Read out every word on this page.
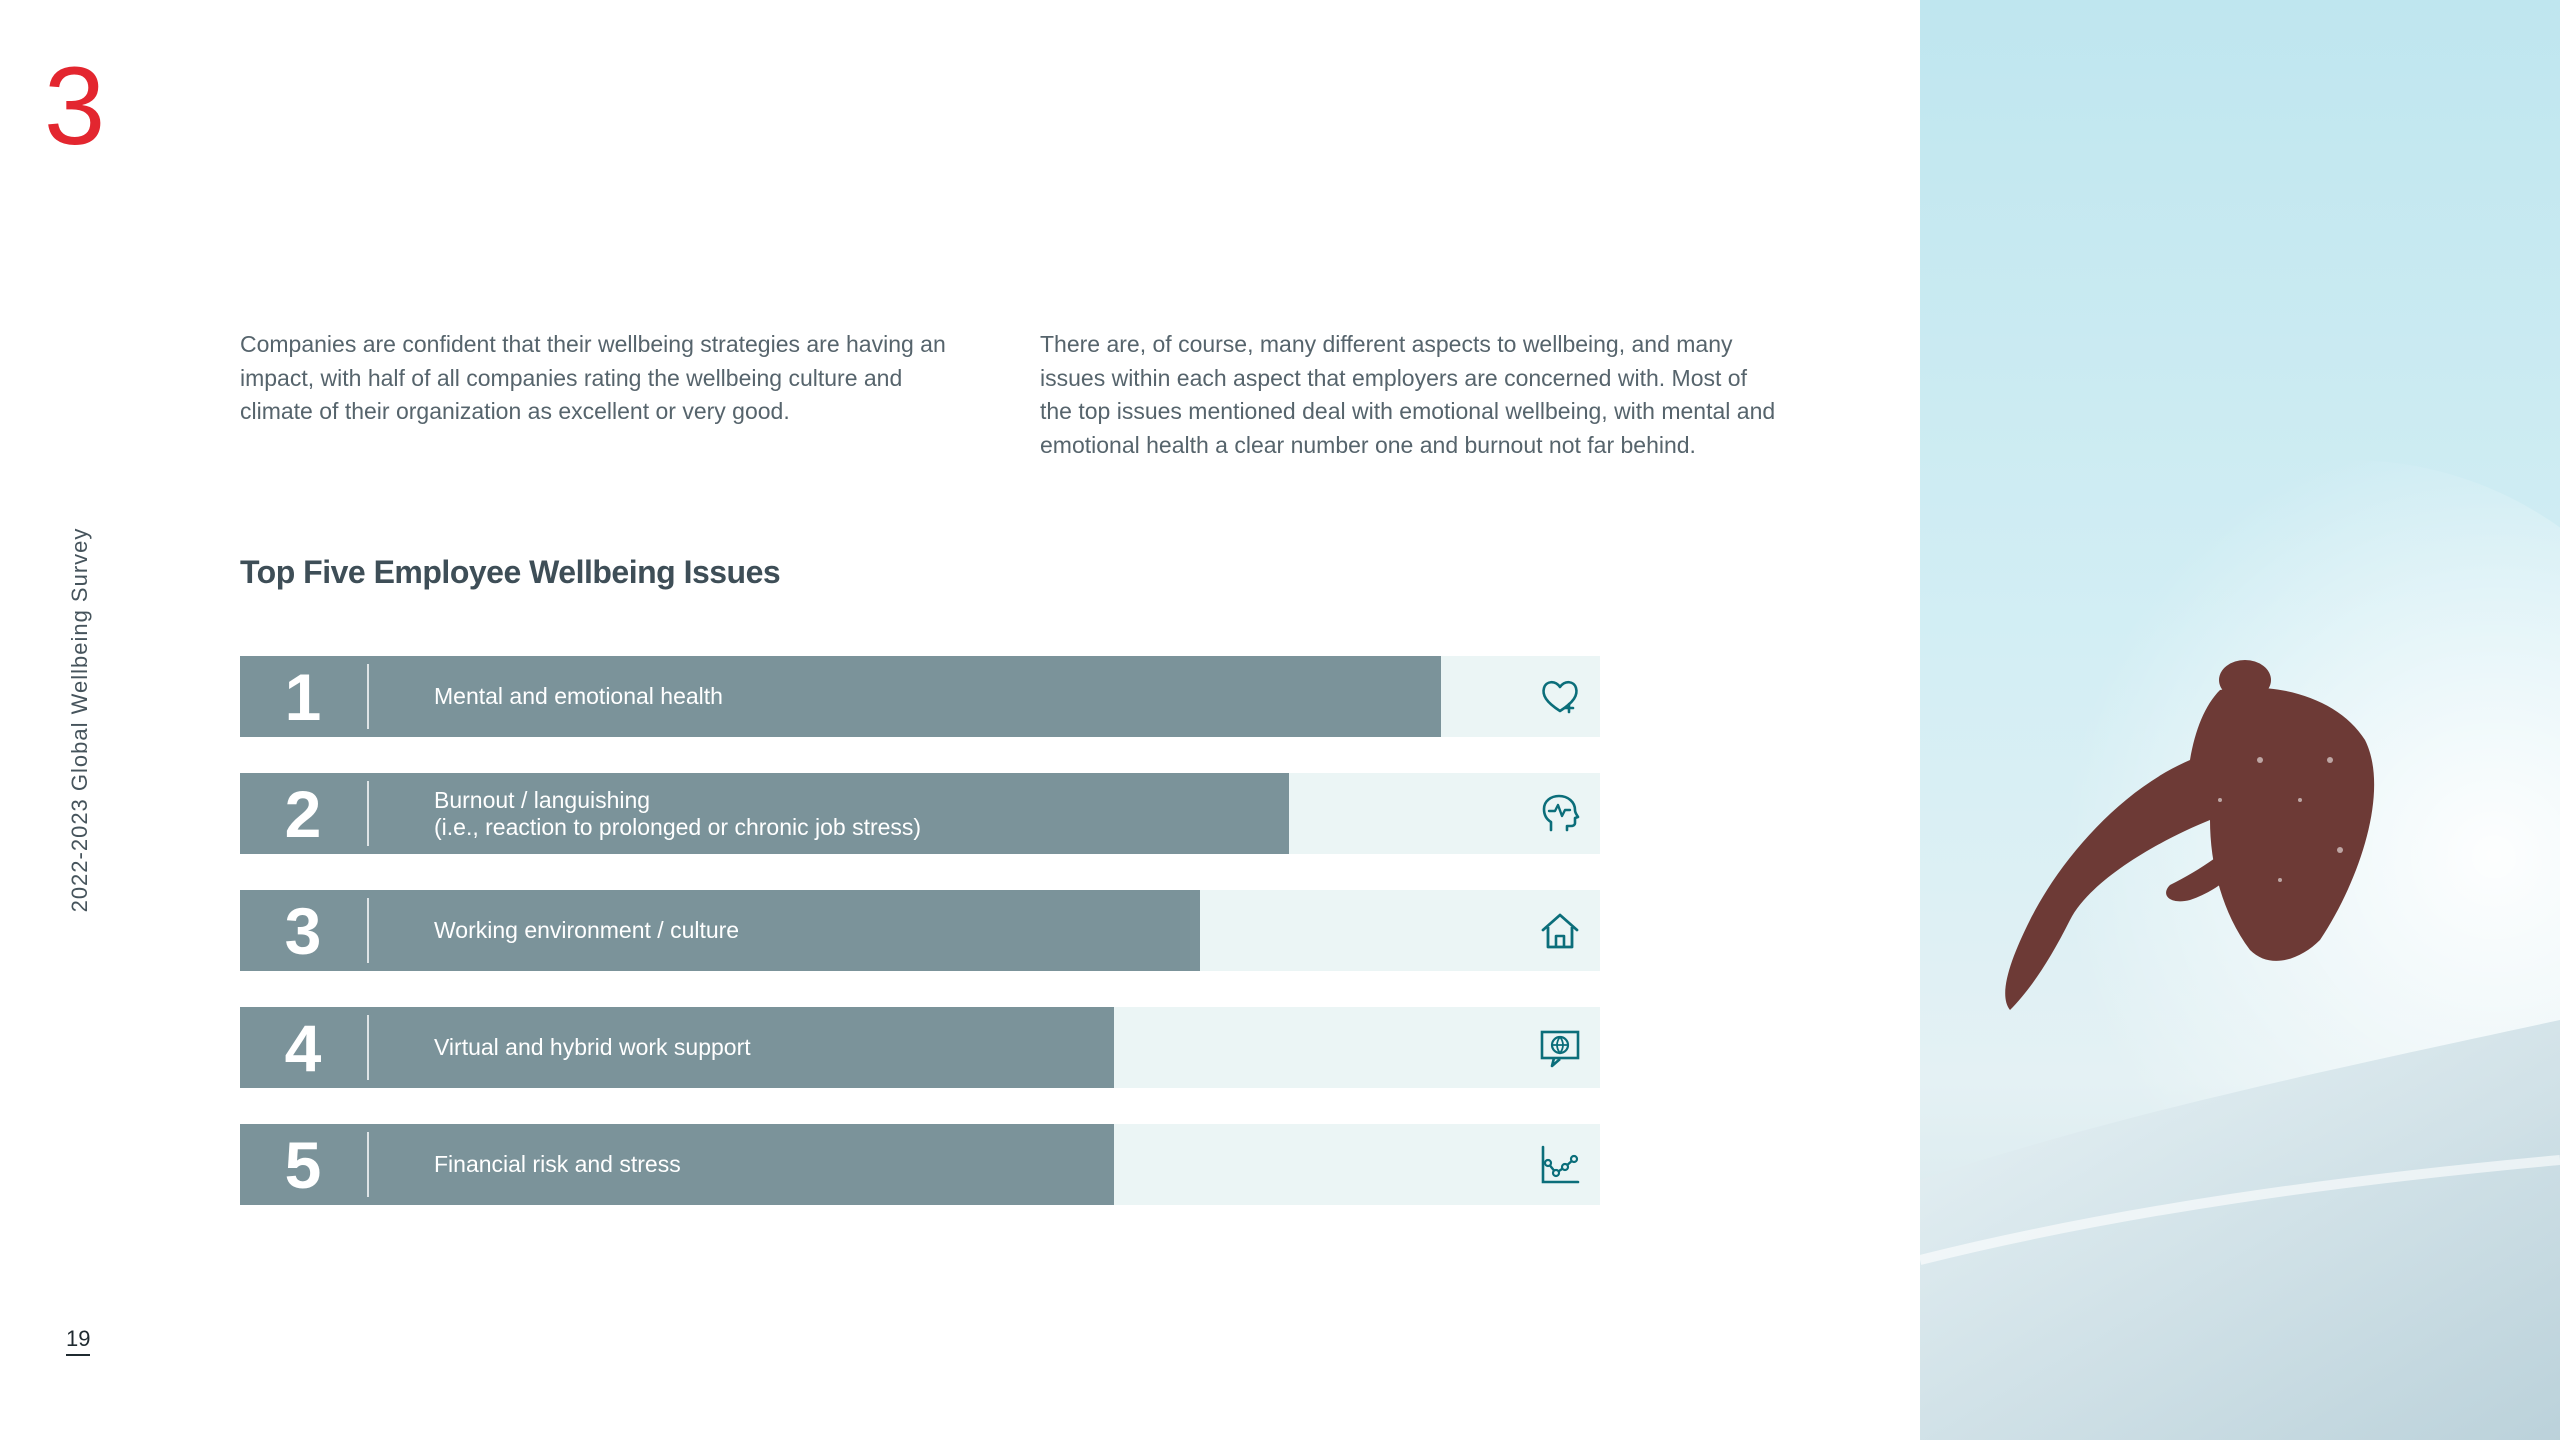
3
2022-2023 Global Wellbeing Survey
19

Companies are confident that their wellbeing strategies are having an impact, with half of all companies rating the wellbeing culture and climate of their organization as excellent or very good.

There are, of course, many different aspects to wellbeing, and many issues within each aspect that employers are concerned with. Most of the top issues mentioned deal with emotional wellbeing, with mental and emotional health a clear number one and burnout not far behind.

Top Five Employee Wellbeing Issues
1	Mental and emotional health
2	Burnout / languishing
(i.e., reaction to prolonged or chronic job stress)
3	Working environment / culture
4	Virtual and hybrid work support
5	Financial risk and stress
